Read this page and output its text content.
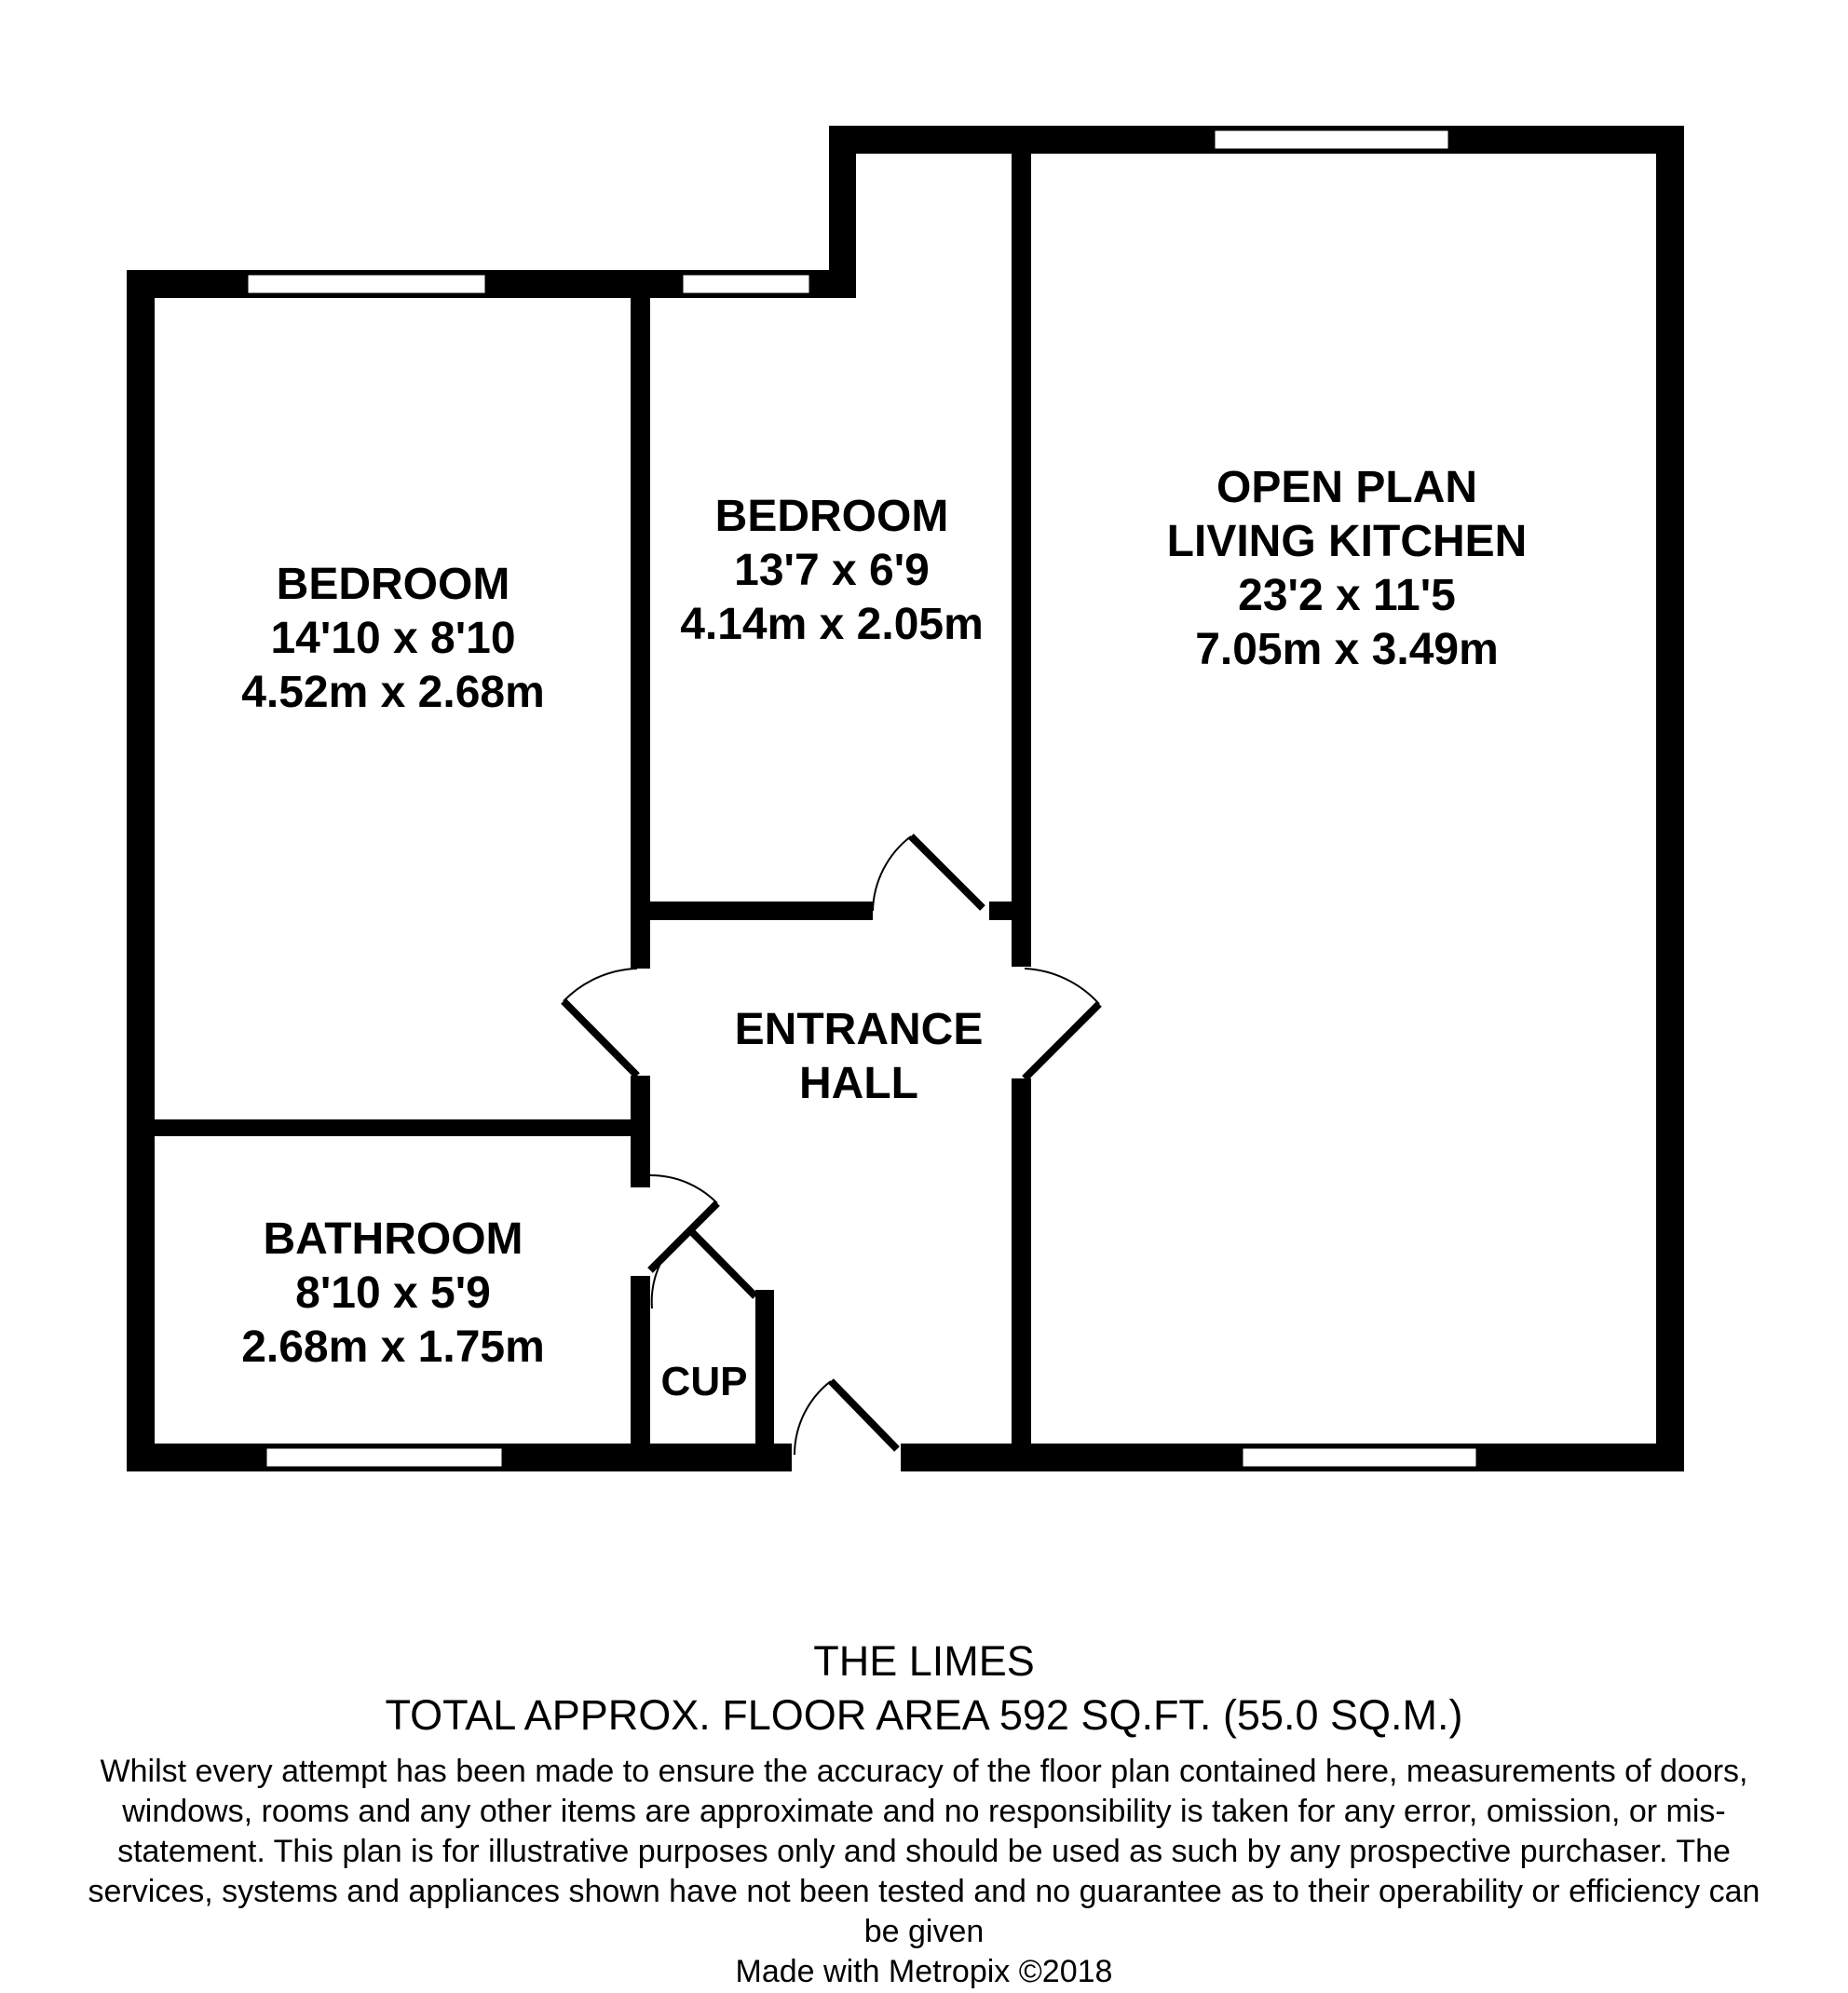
BEDROOM
14'10 x 8'10
4.52m x 2.68m
BEDROOM
13'7 x 6'9
4.14m x 2.05m
OPEN PLAN
LIVING KITCHEN
23'2 x 11'5
7.05m x 3.49m
ENTRANCE
HALL
BATHROOM
8'10 x 5'9
2.68m x 1.75m
CUP
THE LIMES
TOTAL APPROX. FLOOR AREA 592 SQ.FT. (55.0 SQ.M.)
Whilst every attempt has been made to ensure the accuracy of the floor plan contained here, measurements of doors, windows, rooms and any other items are approximate and no responsibility is taken for any error, omission, or mis-statement. This plan is for illustrative purposes only and should be used as such by any prospective purchaser. The services, systems and appliances shown have not been tested and no guarantee as to their operability or efficiency can be given
Made with Metropix ©2018
